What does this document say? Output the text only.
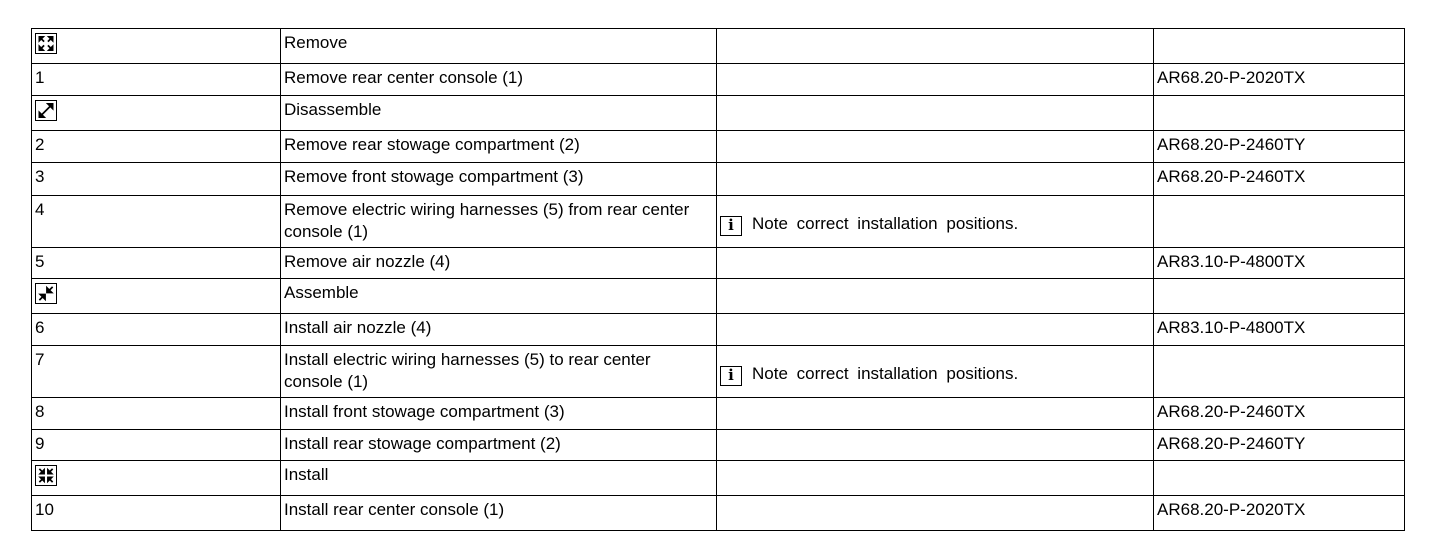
	Remove		
1	Remove rear center console (1)		AR68.20-P-2020TX

	Disassemble		
2	Remove rear stowage compartment (2)		AR68.20-P-2460TY
3	Remove front stowage compartment (3)		AR68.20-P-2460TX
4	Remove electric wiring harnesses (5) from rear center console (1)	i Note correct installation positions.	
5	Remove air nozzle (4)		AR83.10-P-4800TX

	Assemble		
6	Install air nozzle (4)		AR83.10-P-4800TX
7	Install electric wiring harnesses (5) to rear center console (1)	i Note correct installation positions.	
8	Install front stowage compartment (3)		AR68.20-P-2460TX
9	Install rear stowage compartment (2)		AR68.20-P-2460TY

	Install		
10	Install rear center console (1)		AR68.20-P-2020TX
